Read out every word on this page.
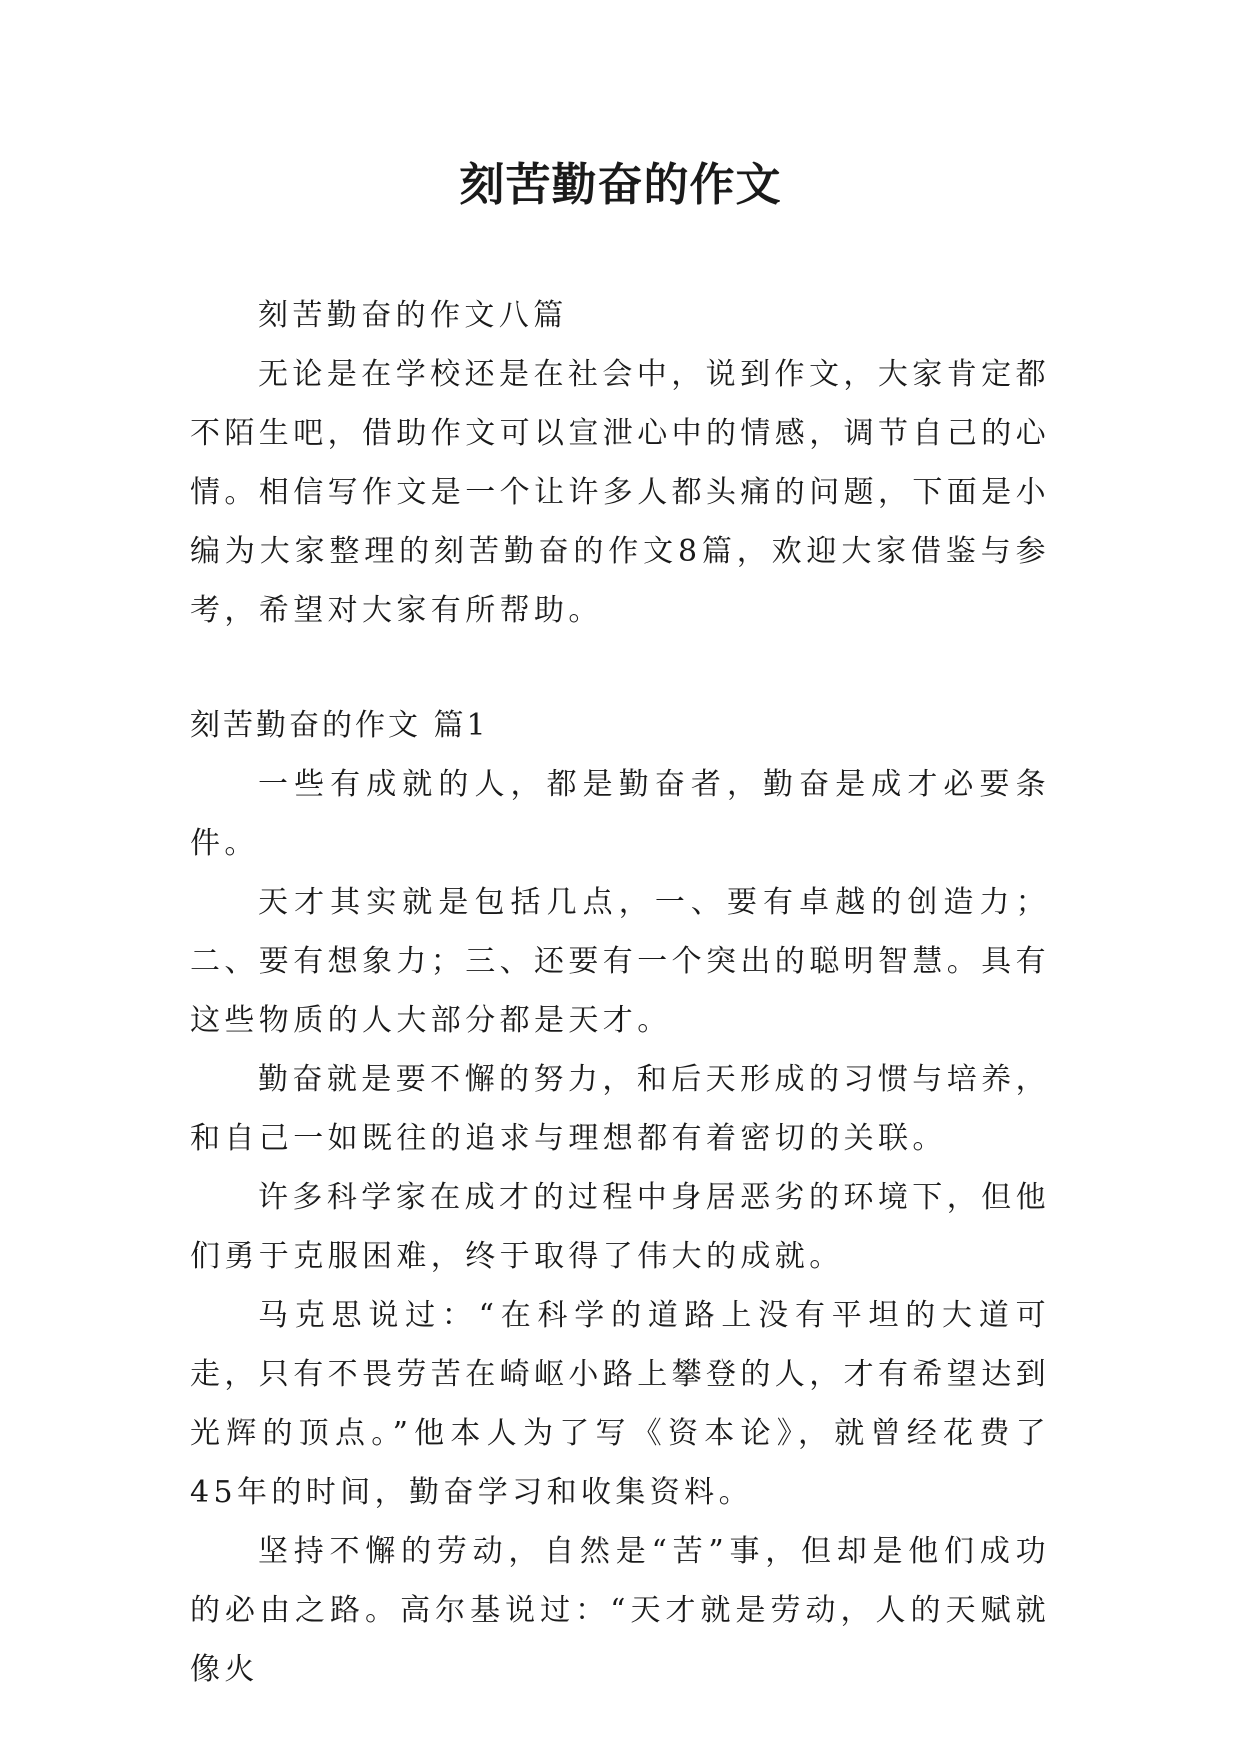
刻苦勤奋的作文

刻苦勤奋的作文八篇

无论是在学校还是在社会中，说到作文，大家肯定都不陌生吧，借助作文可以宣泄心中的情感，调节自己的心情。相信写作文是一个让许多人都头痛的问题，下面是小编为大家整理的刻苦勤奋的作文8篇，欢迎大家借鉴与参考，希望对大家有所帮助。

刻苦勤奋的作文 篇1

一些有成就的人，都是勤奋者，勤奋是成才必要条件。

天才其实就是包括几点，一、要有卓越的创造力；二、要有想象力；三、还要有一个突出的聪明智慧。具有这些物质的人大部分都是天才。

勤奋就是要不懈的努力，和后天形成的习惯与培养，和自己一如既往的追求与理想都有着密切的关联。

许多科学家在成才的过程中身居恶劣的环境下，但他们勇于克服困难，终于取得了伟大的成就。

马克思说过：“在科学的道路上没有平坦的大道可走，只有不畏劳苦在崎岖小路上攀登的人，才有希望达到光辉的顶点。”他本人为了写《资本论》，就曾经花费了45年的时间，勤奋学习和收集资料。

坚持不懈的劳动，自然是“苦”事，但却是他们成功的必由之路。高尔基说过：“天才就是劳动，人的天赋就像火
